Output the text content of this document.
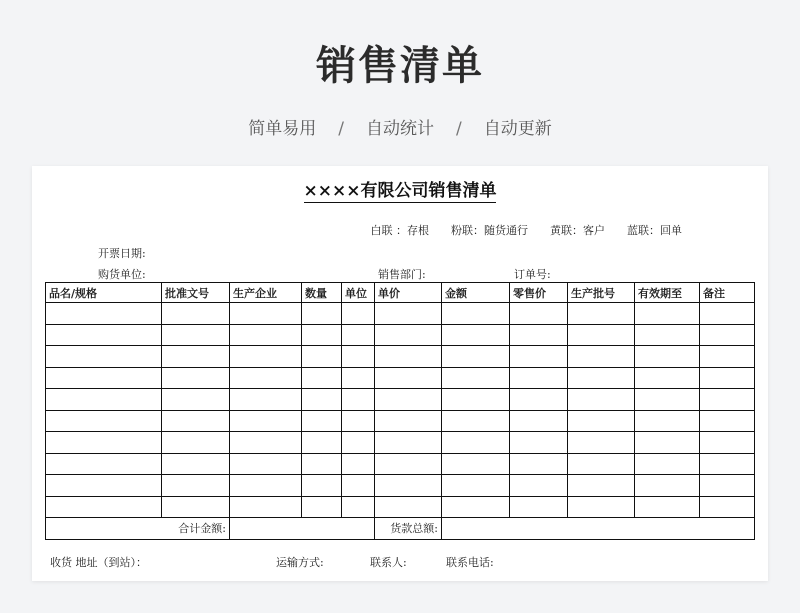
销售清单
简单易用 / 自动统计 / 自动更新
××××有限公司销售清单
白联 ：存根 粉联：随货通行 黄联：客户 蓝联：回单
开票日期:
购货单位:	销售部门:	订单号:
品名/规格	批准文号	生产企业	数量	单位	单价	金额	零售价	生产批号	有效期至	备注

合计金额:					货款总额:					
收货 地址（到站）：	运输方式:	联系人:	联系电话:
